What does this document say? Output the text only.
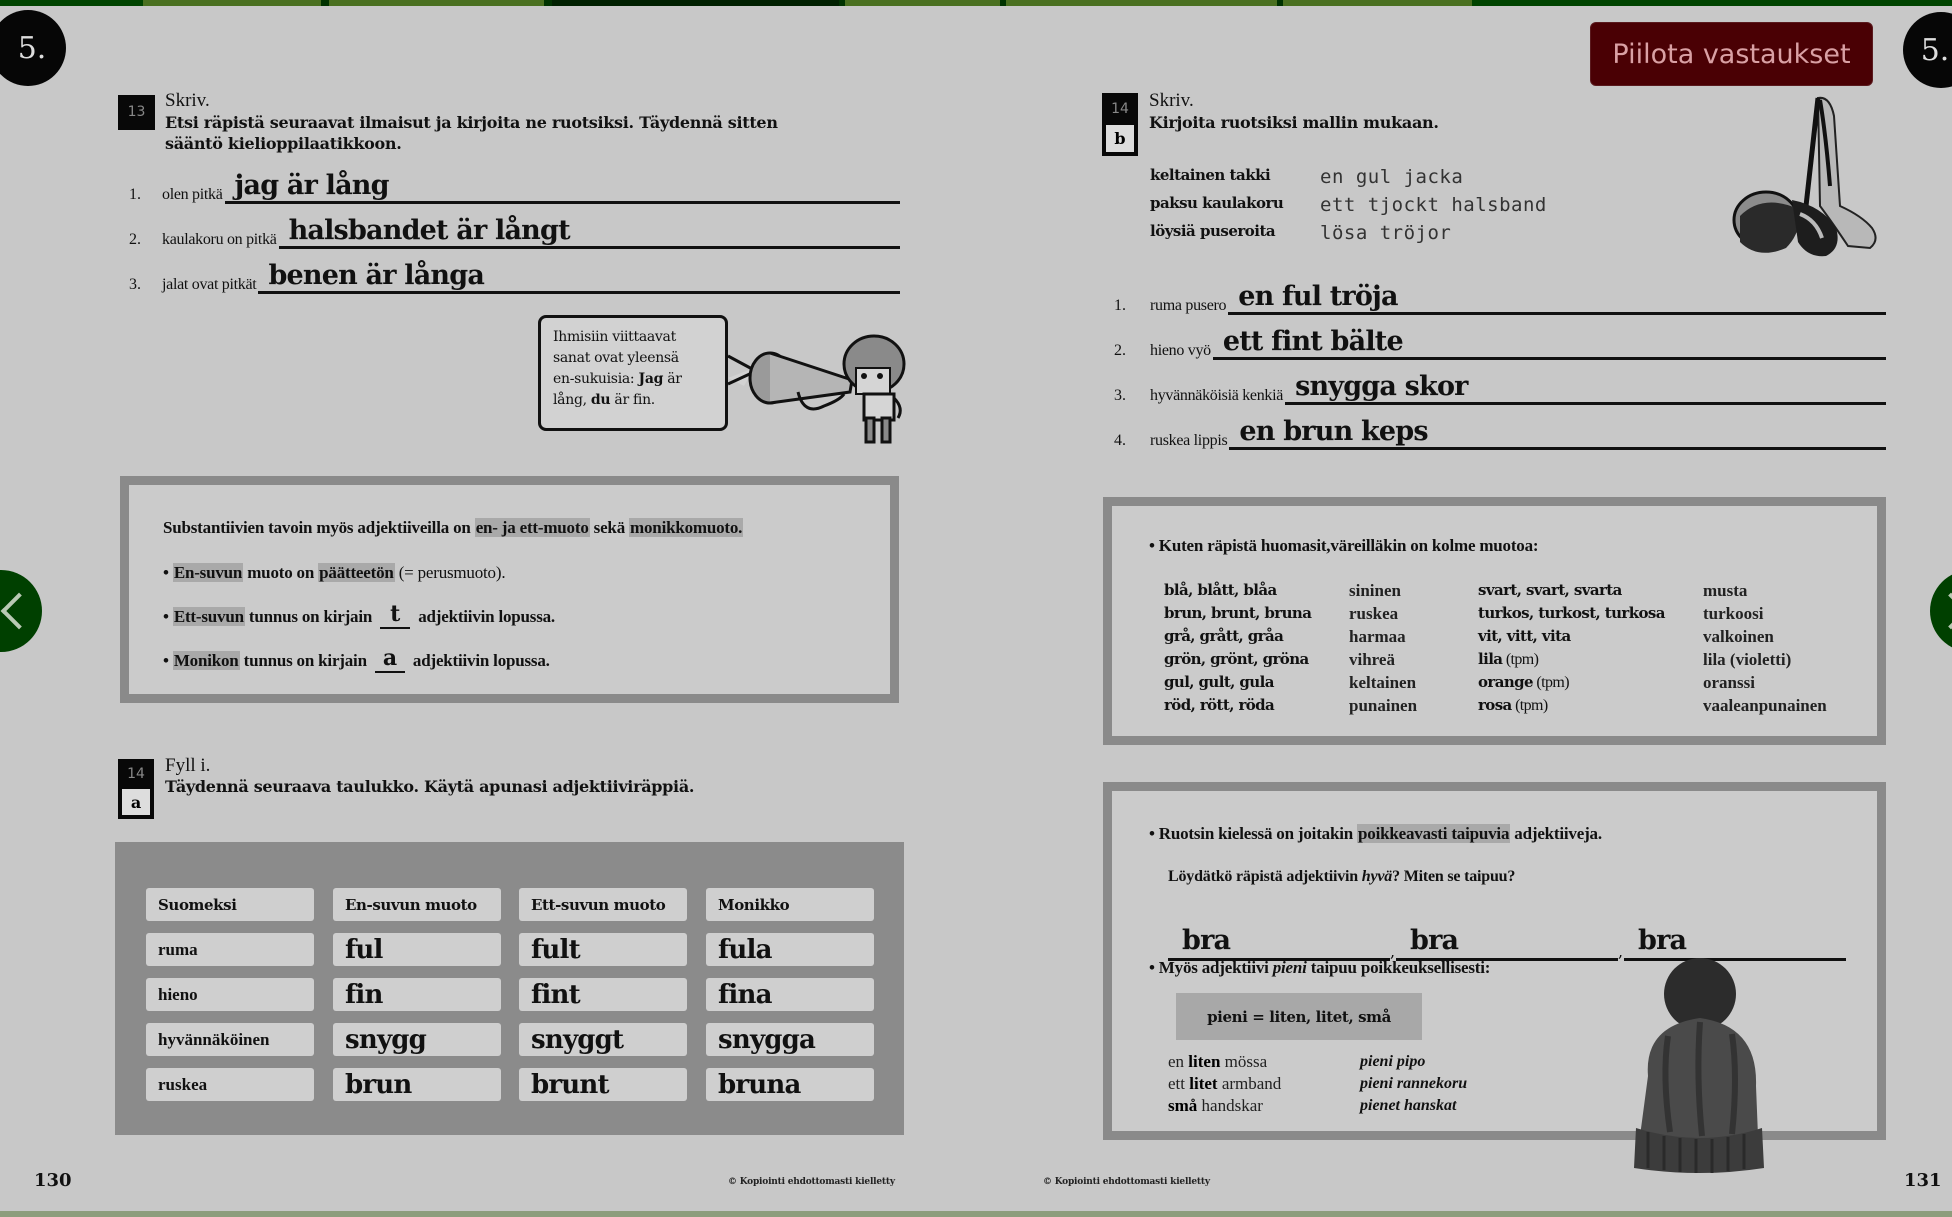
5.	5.
Piilota vastaukset
13
Skriv.
Etsi räpistä seuraavat ilmaisut ja kirjoita ne ruotsiksi. Täydennä sitten
sääntö kielioppilaatikkoon.
1.	olen pitkä jag är lång
2.	kaulakoru on pitkä halsbandet är långt
3.	jalat ovat pitkät benen är långa
Ihmisiin viittaavat
sanat ovat yleensä
en-sukuisia: Jag är
lång, du är fin.
Substantiivien tavoin myös adjektiiveilla on en- ja ett-muoto sekä monikkomuoto.
• En-suvun muoto on päätteetön (= perusmuoto).
• Ett-suvun tunnus on kirjain t adjektiivin lopussa.
• Monikon tunnus on kirjain a adjektiivin lopussa.
14
a
Fyll i.
Täydennä seuraava taulukko. Käytä apunasi adjektiiviräppiä.
Suomeksi	En-suvun muoto	Ett-suvun muoto	Monikko
ruma	ful	fult	fula
hieno	fin	fint	fina
hyvännäköinen	snygg	snyggt	snygga
ruskea	brun	brunt	bruna
130	© Kopiointi ehdottomasti kielletty
14
b
Skriv.
Kirjoita ruotsiksi mallin mukaan.
keltainen takki	en gul jacka
paksu kaulakoru	ett tjockt halsband
löysiä puseroita	lösa tröjor
1.	ruma pusero en ful tröja
2.	hieno vyö ett fint bälte
3.	hyvännäköisiä kenkiä snygga skor
4.	ruskea lippis en brun keps
• Kuten räpistä huomasit,väreilläkin on kolme muotoa:
blå, blått, blåa	sininen	svart, svart, svarta	musta
brun, brunt, bruna	ruskea	turkos, turkost, turkosa	turkoosi
grå, grått, gråa	harmaa	vit, vitt, vita	valkoinen
grön, grönt, gröna	vihreä	lila (tpm)	lila (violetti)
gul, gult, gula	keltainen	orange (tpm)	oranssi
röd, rött, röda	punainen	rosa (tpm)	vaaleanpunainen
• Ruotsin kielessä on joitakin poikkeavasti taipuvia adjektiiveja.
Löydätkö räpistä adjektiivin hyvä? Miten se taipuu?
bra	, bra	, bra
• Myös adjektiivi pieni taipuu poikkeuksellisesti:
pieni = liten, litet, små
en liten mössa	pieni pipo
ett litet armband	pieni rannekoru
små handskar	pienet hanskat
131
© Kopiointi ehdottomasti kielletty
